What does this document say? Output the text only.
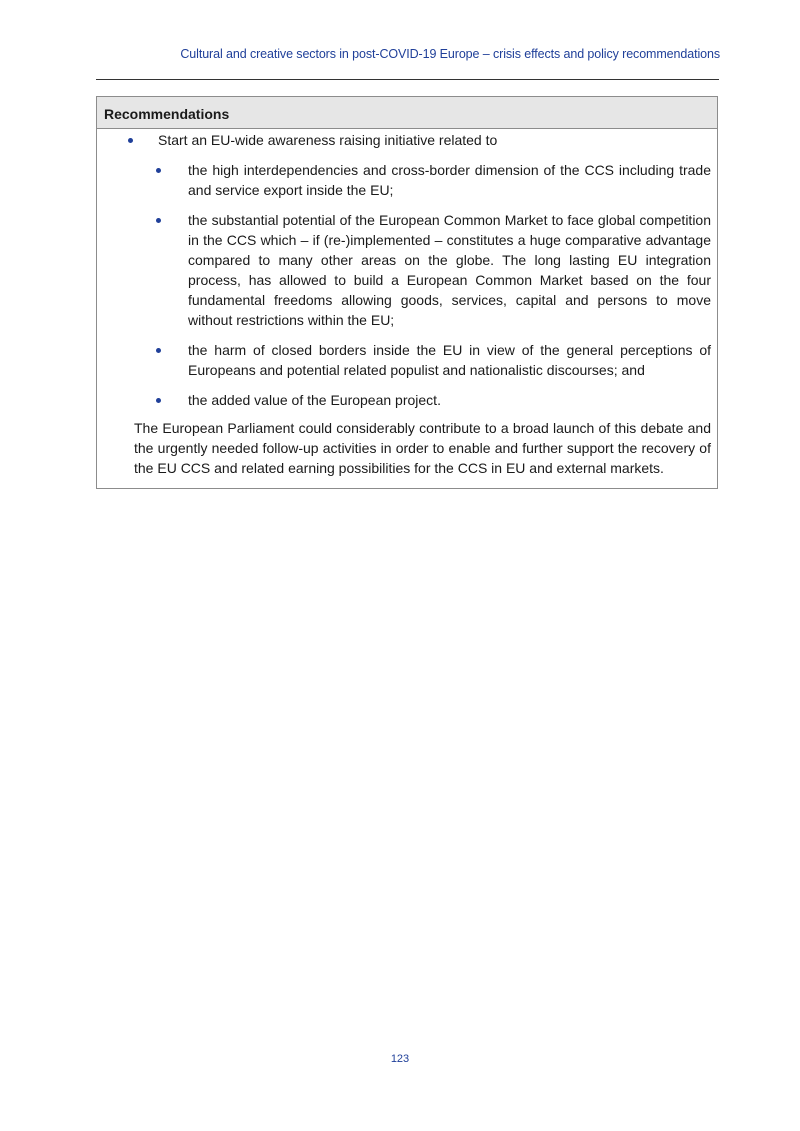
Cultural and creative sectors in post-COVID-19 Europe – crisis effects and policy recommendations
Recommendations
Start an EU-wide awareness raising initiative related to
the high interdependencies and cross-border dimension of the CCS including trade and service export inside the EU;
the substantial potential of the European Common Market to face global competition in the CCS which – if (re-)implemented – constitutes a huge comparative advantage compared to many other areas on the globe. The long lasting EU integration process, has allowed to build a European Common Market based on the four fundamental freedoms allowing goods, services, capital and persons to move without restrictions within the EU;
the harm of closed borders inside the EU in view of the general perceptions of Europeans and potential related populist and nationalistic discourses; and
the added value of the European project.
The European Parliament could considerably contribute to a broad launch of this debate and the urgently needed follow-up activities in order to enable and further support the recovery of the EU CCS and related earning possibilities for the CCS in EU and external markets.
123
